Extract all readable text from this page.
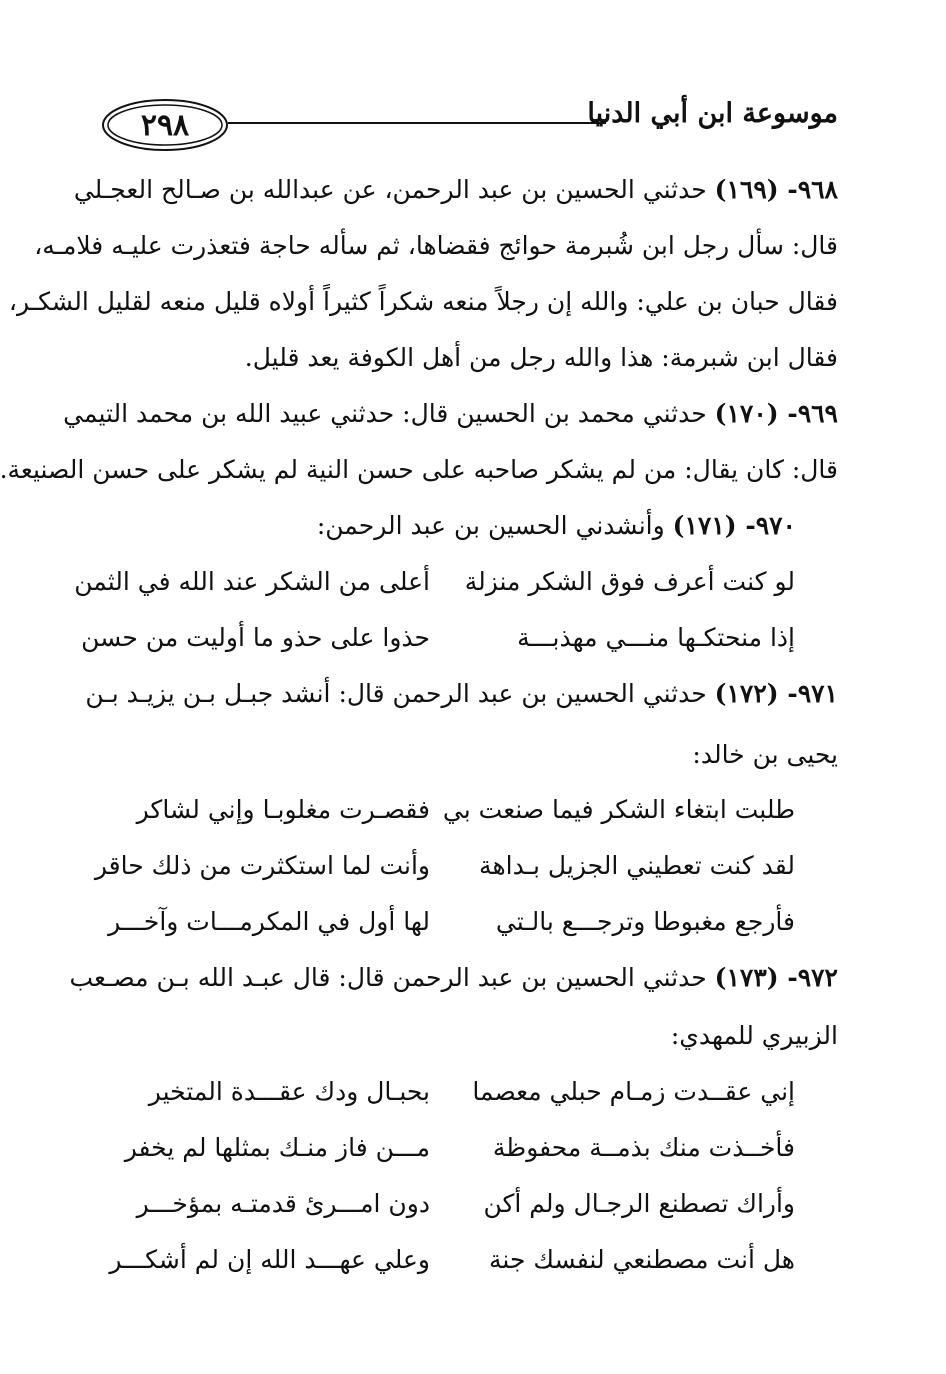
٢٩٨	موسوعة ابن أبي الدنيا
٩٦٨- (١٦٩) حدثني الحسين بن عبد الرحمن، عن عبدالله بن صـالح العجـلي
قال: سأل رجل ابن شُبرمة حوائج فقضاها، ثم سأله حاجة فتعذرت عليـه فلامـه،
فقال حبان بن علي: والله إن رجلاً منعه شكراً كثيراً أولاه قليل منعه لقليل الشكـر،
فقال ابن شبرمة: هذا والله رجل من أهل الكوفة يعد قليل.
٩٦٩- (١٧٠) حدثني محمد بن الحسين قال: حدثني عبيد الله بن محمد التيمي
قال: كان يقال: من لم يشكر صاحبه على حسن النية لم يشكر على حسن الصنيعة.
٩٧٠- (١٧١) وأنشدني الحسين بن عبد الرحمن:
لو كنت أعرف فوق الشكر منزلة
أعلى من الشكر عند الله في الثمن
إذا منحتكـها منـــي مهذبـــة
حذوا على حذو ما أوليت من حسن
٩٧١- (١٧٢) حدثني الحسين بن عبد الرحمن قال: أنشد جبـل بـن يزيـد بـن
يحيى بن خالد:
طلبت ابتغاء الشكر فيما صنعت بي
فقصـرت مغلوبـا وإني لشاكر
لقد كنت تعطيني الجزيل بـداهة
وأنت لما استكثرت من ذلك حاقر
فأرجع مغبوطا وترجـــع بالـتي
لها أول في المكرمـــات وآخـــر
٩٧٢- (١٧٣) حدثني الحسين بن عبد الرحمن قال: قال عبـد الله بـن مصـعب
الزبيري للمهدي:
إني عقــدت زمـام حبلي معصما
بحبـال ودك عقـــدة المتخير
فأخــذت منك بذمــة محفوظة
مـــن فاز منـك بمثلها لم يخفر
وأراك تصطنع الرجـال ولم أكن
دون امـــرئ قدمتـه بمؤخـــر
هل أنت مصطنعي لنفسك جنة
وعلي عهـــد الله إن لم أشكـــر
